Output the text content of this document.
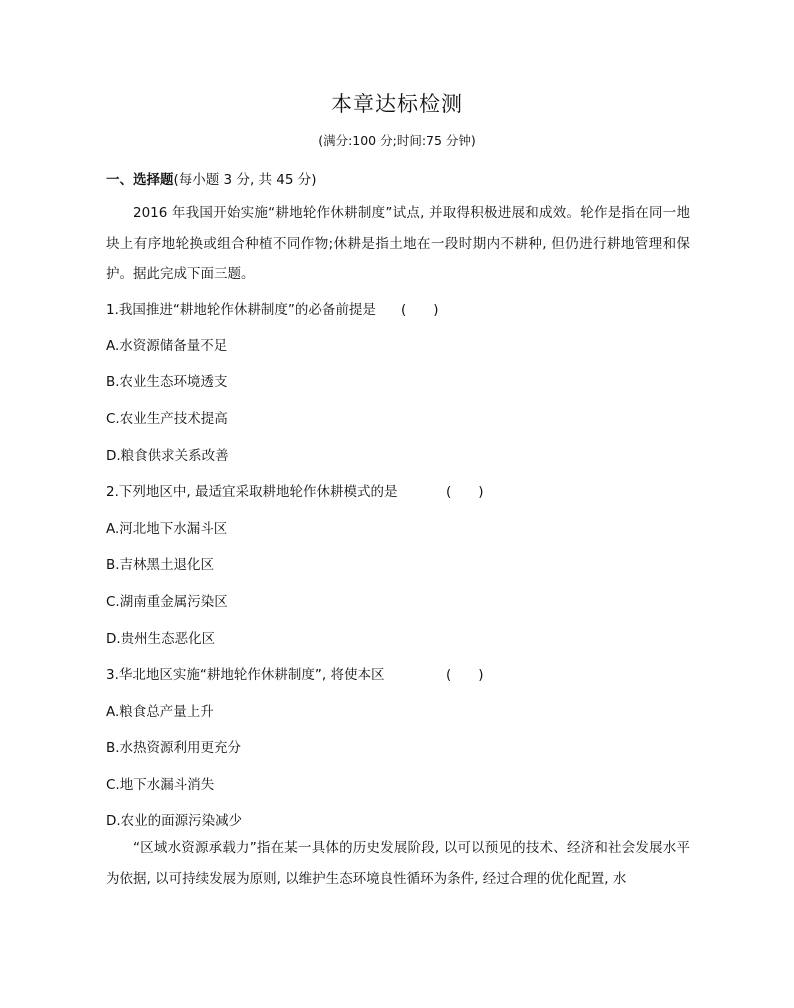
本章达标检测
(满分:100 分;时间:75 分钟)
一、选择题(每小题 3 分, 共 45 分)
2016 年我国开始实施“耕地轮作休耕制度”试点, 并取得积极进展和成效。轮作是指在同一地块上有序地轮换或组合种植不同作物;休耕是指土地在一段时期内不耕种, 但仍进行耕地管理和保护。据此完成下面三题。
1.我国推进“耕地轮作休耕制度”的必备前提是 (　　)
A.水资源储备量不足
B.农业生态环境透支
C.农业生产技术提高
D.粮食供求关系改善
2.下列地区中, 最适宜采取耕地轮作休耕模式的是	(　　)
A.河北地下水漏斗区
B.吉林黑土退化区
C.湖南重金属污染区
D.贵州生态恶化区
3.华北地区实施“耕地轮作休耕制度”, 将使本区	(　　)
A.粮食总产量上升
B.水热资源利用更充分
C.地下水漏斗消失
D.农业的面源污染减少
“区域水资源承载力”指在某一具体的历史发展阶段, 以可以预见的技术、经济和社会发展水平为依据, 以可持续发展为原则, 以维护生态环境良性循环为条件, 经过合理的优化配置, 水
